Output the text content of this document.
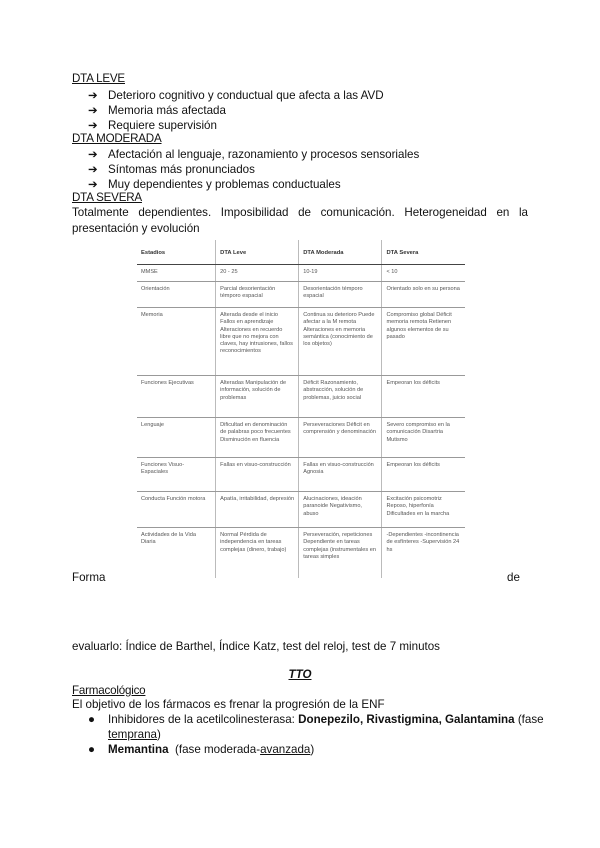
DTA LEVE
➔ Deterioro cognitivo y conductual que afecta a las AVD
➔ Memoria más afectada
➔ Requiere supervisión
DTA MODERADA
➔ Afectación al lenguaje, razonamiento y procesos sensoriales
➔ Síntomas más pronunciados
➔ Muy dependientes y problemas conductuales
DTA SEVERA
Totalmente dependientes. Imposibilidad de comunicación. Heterogeneidad en la presentación y evolución
Estadios	DTA Leve	DTA Moderada	DTA Severa
MMSE	20 - 25	10-19	< 10
Orientación	Parcial desorientación témporo espacial	Desorientación témporo espacial	Orientado solo en su persona

Memoria	Alterada desde el inicio Fallos en aprendizaje Alteraciones en recuerdo libre que no mejora con claves, hay intrusiones, fallos reconocimientos	Continua su deterioro Puede afectar a la M remota Alteraciones en memoria semántica (conocimiento de los objetos)	Compromiso global Déficit memoria remota Retienen algunos elementos de su pasado

Funciones Ejecutivas	Alteradas Manipulación de información, solución de problemas	Déficit Razonamiento, abstracción, solución de problemas, juicio social	Empeoran los déficits

Lenguaje	Dificultad en denominación de palabras poco frecuentes Disminución en fluencia	Perseveraciones Déficit en comprensión y denominación	Severo compromiso en la comunicación Disartria Mutismo

Funciones Visuo-Espaciales	Fallas en visuo-construcción	Fallas en visuo-construcción Agnosia	Empeoran los déficits

Conducta Función motora	Apatía, irritabilidad, depresión	Alucinaciones, ideación paranoide Negativismo, abuso	Excitación psicomotriz Reposo, hiperfonía Dificultades en la marcha

Actividades de la Vida Diaria	Normal Pérdida de independencia en tareas complejas (dinero, trabajo)	Perseveración, repeticiones Dependiente en tareas complejas (instrumentales en tareas simples	-Dependientes -incontinencia de esfínteres -Supervisión 24 hs
Forma	de
evaluarlo: Índice de Barthel, Índice Katz, test del reloj, test de 7 minutos
TTO
Farmacológico
El objetivo de los fármacos es frenar la progresión de la ENF
● Inhibidores de la acetilcolinesterasa: Donepezilo, Rivastigmina, Galantamina (fase
temprana)
● Memantina  (fase moderada-avanzada)
